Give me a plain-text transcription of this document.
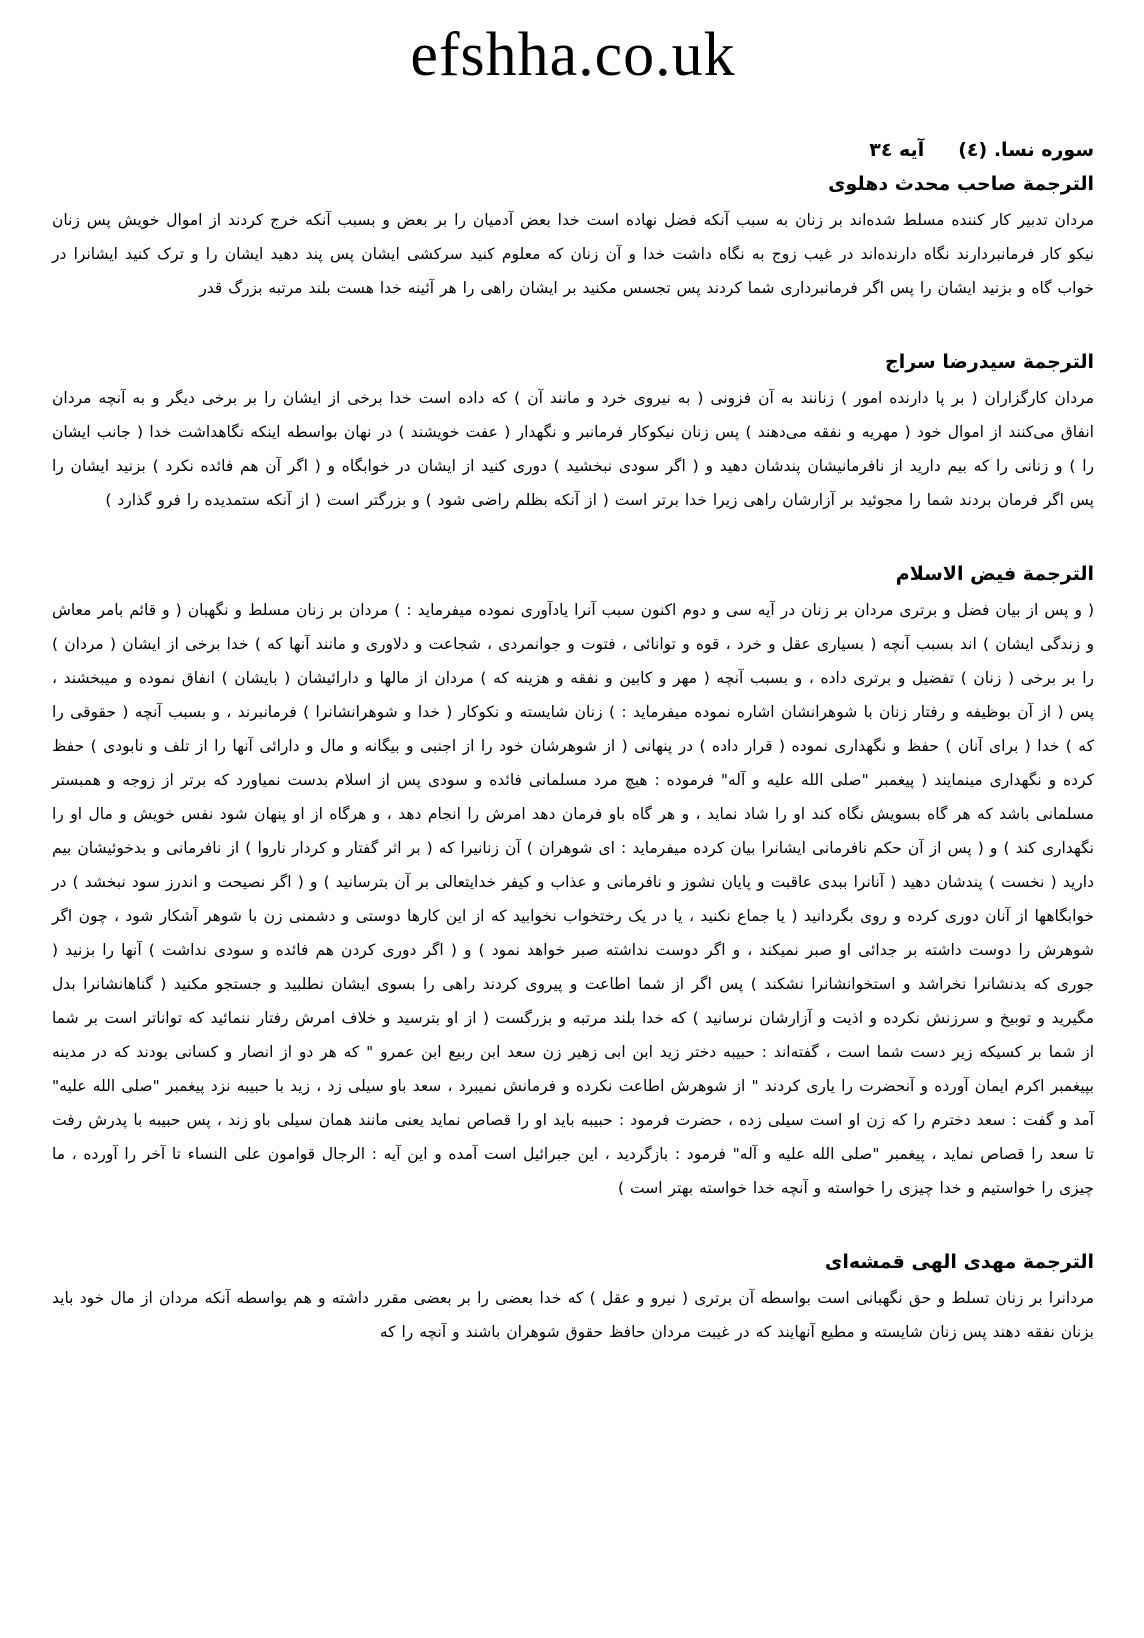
efshha.co.uk
سوره نسا. (٤)
آیه ٣٤
الترجمة صاحب محدث دهلوی

مردان تدبیر کار کننده مسلط شده‌اند بر زنان به سبب آنکه فضل نهاده است خدا بعض آدمیان را بر بعض و بسبب آنکه خرج کردند از اموال خویش پس زنان نیکو کار فرمانبردارند نگاه دارنده‌اند در غیب زوج به نگاه داشت خدا و آن زنان که معلوم کنید سرکشی ایشان پس پند دهید ایشان را و ترک کنید ایشانرا در خواب گاه و بزنید ایشان را پس اگر فرمانبرداری شما کردند پس تجسس مکنید بر ایشان راهی را هر آئینه خدا هست بلند مرتبه بزرگ قدر

الترجمة سیدرضا سراج

مردان کارگزاران ( بر پا دارنده امور ) زنانند به آن فزونی ( به نیروی خرد و مانند آن ) که داده است خدا برخی از ایشان را بر برخی دیگر و به آنچه مردان انفاق می‌کنند از اموال خود ( مهریه و نفقه می‌دهند ) پس زنان نیکوکار فرمانبر و نگهدار ( عفت خویشند ) در نهان بواسطه اینکه نگاهداشت خدا ( جانب ایشان را ) و زنانی را که بیم دارید از نافرمانیشان پندشان دهید و ( اگر سودی نبخشید ) دوری کنید از ایشان در خوابگاه و ( اگر آن هم فائده نکرد ) بزنید ایشان را پس اگر فرمان بردند شما را مجوئید بر آزارشان راهی زیرا خدا برتر است ( از آنکه بظلم راضی شود ) و بزرگتر است ( از آنکه ستمدیده را فرو گذارد )

الترجمة فیض الاسلام

( و پس از بیان فضل و برتری مردان بر زنان در آیه سی و دوم اکنون سبب آنرا یادآوری نموده میفرماید : ) مردان بر زنان مسلط و نگهبان ( و قائم بامر معاش و زندگی ایشان ) اند بسبب آنچه ( بسیاری عقل و خرد ، قوه و توانائی ، فتوت و جوانمردی ، شجاعت و دلاوری و مانند آنها که ) خدا برخی از ایشان ( مردان ) را بر برخی ( زنان ) تفضیل و برتری داده ، و بسبب آنچه ( مهر و کابین و نفقه و هزینه که ) مردان از مالها و دارائیشان ( بایشان ) انفاق نموده و میبخشند ، پس ( از آن بوظیفه و رفتار زنان با شوهرانشان اشاره نموده میفرماید : ) زنان شایسته و نکوکار ( خدا و شوهرانشانرا ) فرمانبرند ، و بسبب آنچه ( حقوقی را که ) خدا ( برای آنان ) حفظ و نگهداری نموده ( قرار داده ) در پنهانی ( از شوهرشان خود را از اجنبی و بیگانه و مال و دارائی آنها را از تلف و نابودی ) حفظ کرده و نگهداری مینمایند ( پیغمبر "صلی الله علیه و آله" فرموده : هیچ مرد مسلمانی فائده و سودی پس از اسلام بدست نمیاورد که برتر از زوجه و همبستر مسلمانی باشد که هر گاه بسویش نگاه کند او را شاد نماید ، و هر گاه باو فرمان دهد امرش را انجام دهد ، و هرگاه از او پنهان شود نفس خویش و مال او را نگهداری کند ) و ( پس از آن حکم نافرمانی ایشانرا بیان کرده میفرماید : ای شوهران ) آن زنانیرا که ( بر اثر گفتار و کردار ناروا ) از نافرمانی و بدخوئیشان بیم دارید ( نخست ) پندشان دهید ( آنانرا ببدی عاقبت و پایان نشوز و نافرمانی و عذاب و کیفر خدایتعالی بر آن بترسانید ) و ( اگر نصیحت و اندرز سود نبخشد ) در خوابگاهها از آنان دوری کرده و روی بگردانید ( یا جماع نکنید ، یا در یک رختخواب نخوابید که از این کارها دوستی و دشمنی زن با شوهر آشکار شود ، چون اگر شوهرش را دوست داشته بر جدائی او صبر نمیکند ، و اگر دوست نداشته صبر خواهد نمود ) و ( اگر دوری کردن هم فائده و سودی نداشت ) آنها را بزنید ( جوری که بدنشانرا نخراشد و استخوانشانرا نشکند ) پس اگر از شما اطاعت و پیروی کردند راهی را بسوی ایشان نطلبید و جستجو مکنید ( گناهانشانرا بدل مگیرید و توبیخ و سرزنش نکرده و اذیت و آزارشان نرسانید ) که خدا بلند مرتبه و بزرگست ( از او بترسید و خلاف امرش رفتار ننمائید که تواناتر است بر شما از شما بر کسیکه زیر دست شما است ، گفته‌اند : حبیبه دختر زید ابن ابی زهیر زن سعد ابن ربیع ابن عمرو " که هر دو از انصار و کسانی بودند که در مدینه بپیغمبر اکرم ایمان آورده و آنحضرت را یاری کردند " از شوهرش اطاعت نکرده و فرمانش نمیبرد ، سعد باو سیلی زد ، زید با حبیبه نزد پیغمبر "صلی الله علیه" آمد و گفت : سعد دخترم را که زن او است سیلی زده ، حضرت فرمود : حبیبه باید او را قصاص نماید یعنی مانند همان سیلی باو زند ، پس حبیبه با پدرش رفت تا سعد را قصاص نماید ، پیغمبر "صلی الله علیه و آله" فرمود : بازگردید ، این جبرائیل است آمده و این آیه : الرجال قوامون علی النساء تا آخر را آورده ، ما چیزی را خواستیم و خدا چیزی را خواسته و آنچه خدا خواسته بهتر است )

الترجمة مهدی الهی قمشه‌ای

مردانرا بر زنان تسلط و حق نگهبانی است بواسطه آن برتری ( نیرو و عقل ) که خدا بعضی را بر بعضی مقرر داشته و هم بواسطه آنکه مردان از مال خود باید بزنان نفقه دهند پس زنان شایسته و مطیع آنهایند که در غیبت مردان حافظ حقوق شوهران باشند و آنچه را که
